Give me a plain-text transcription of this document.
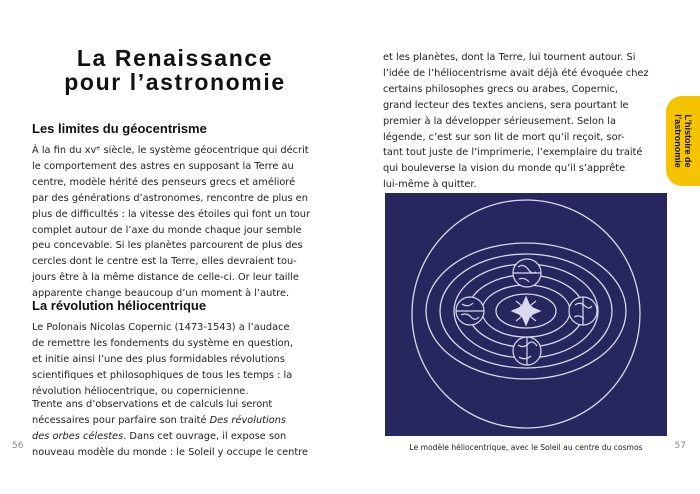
La Renaissance
pour l’astronomie
Les limites du géocentrisme
À la fin du xvᵉ siècle, le système géocentrique qui décrit
le comportement des astres en supposant la Terre au
centre, modèle hérité des penseurs grecs et amélioré
par des générations d’astronomes, rencontre de plus en
plus de difficultés : la vitesse des étoiles qui font un tour
complet autour de l’axe du monde chaque jour semble
peu concevable. Si les planètes parcourent de plus des
cercles dont le centre est la Terre, elles devraient tou-
jours être à la même distance de celle-ci. Or leur taille
apparente change beaucoup d’un moment à l’autre.
La révolution héliocentrique
Le Polonais Nicolas Copernic (1473-1543) a l’audace
de remettre les fondements du système en question,
et initie ainsi l’une des plus formidables révolutions
scientifiques et philosophiques de tous les temps : la
révolution héliocentrique, ou copernicienne.
Trente ans d’observations et de calculs lui seront
nécessaires pour parfaire son traité Des révolutions
des orbes célestes. Dans cet ouvrage, il expose son
nouveau modèle du monde : le Soleil y occupe le centre
56
et les planètes, dont la Terre, lui tournent autour. Si
l’idée de l’héliocentrisme avait déjà été évoquée chez
certains philosophes grecs ou arabes, Copernic,
grand lecteur des textes anciens, sera pourtant le
premier à la développer sérieusement. Selon la
légende, c’est sur son lit de mort qu’il reçoit, sor-
tant tout juste de l’imprimerie, l’exemplaire du traité
qui bouleverse la vision du monde qu’il s’apprête
lui-même à quitter.
L’histoire de
l’astronomie

Le modèle héliocentrique, avec le Soleil au centre du cosmos	57
